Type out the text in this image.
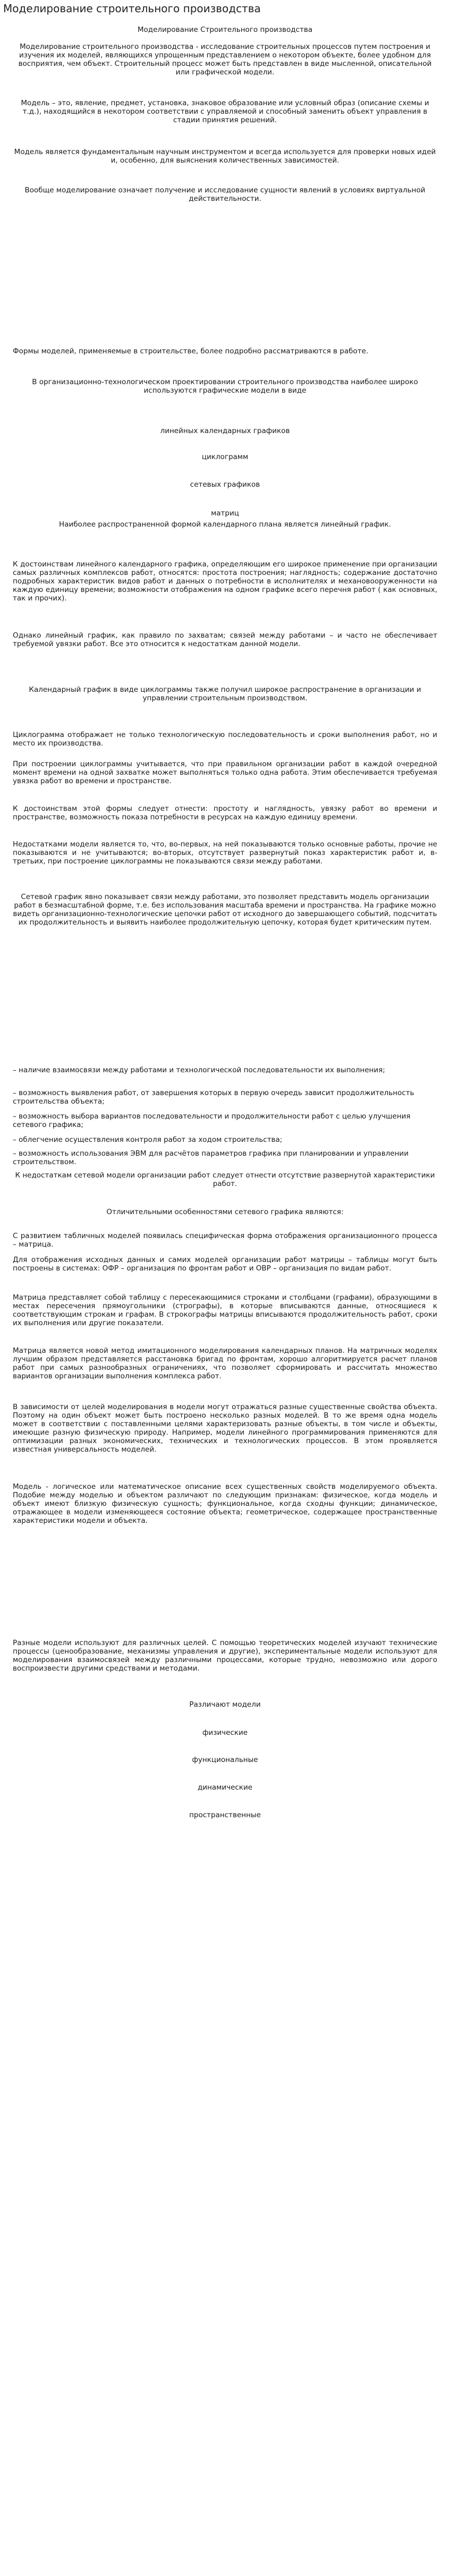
Моделирование строительного производства

Моделирование Строительного производства

Моделирование строительного производства - исследование строительных процессов путем построения и изучения их моделей, являющихся упрощенным представлением о некотором объекте, более удобном для восприятия, чем объект. Строительный процесс может быть представлен в виде мысленной, описательной или графической модели.

Модель – это, явление, предмет, установка, знаковое образование или условный образ (описание схемы и т.д.), находящийся в некотором соответствии с управляемой и способный заменить объект управления в стадии принятия решений.

Модель является фундаментальным научным инструментом и всегда используется для проверки новых идей и, особенно, для выяснения количественных зависимостей.

Вообще моделирование означает получение и исследование сущности явлений в условиях виртуальной действительности.

Формы моделей, применяемые в строительстве, более подробно рассматриваются в работе.

В организационно-технологическом проектировании строительного производства наиболее широко используются графические модели в виде

линейных календарных графиков

циклограмм

сетевых графиков

матриц

Наиболее распространенной формой календарного плана является линейный график.

К достоинствам линейного календарного графика, определяющим его широкое применение при организации самых различных комплексов работ, относятся: простота построения; наглядность; содержание достаточно подробных характеристик видов работ и данных о потребности в исполнителях и механовооруженности на каждую единицу времени; возможности отображения на одном графике всего перечня работ ( как основных, так и прочих).

Однако линейный график, как правило по захватам; связей между работами – и часто не обеспечивает требуемой увязки работ. Все это относится к недостаткам данной модели.

Календарный график в виде циклограммы также получил широкое распространение в организации и управлении строительным производством.

Циклограмма отображает не только технологическую последовательность и сроки выполнения работ, но и место их производства.

При построении циклограммы учитывается, что при правильном организации работ в каждой очередной момент времени на одной захватке может выполняться только одна работа. Этим обеспечивается требуемая увязка работ во времени и пространстве.

К достоинствам этой формы следует отнести: простоту и наглядность, увязку работ во времени и пространстве, возможность показа потребности в ресурсах на каждую единицу времени.

Недостатками модели является то, что, во-первых, на ней показываются только основные работы, прочие не показываются и не учитываются; во-вторых, отсутствует развернутый показ характеристик работ и, в-третьих, при построение циклограммы не показываются связи между работами.

Сетевой график явно показывает связи между работами, это позволяет представить модель организации работ в безмасштабной форме, т.е. без использования масштаба времени и пространства. На графике можно видеть организационно-технологические цепочки работ от исходного до завершающего событий, подсчитать их продолжительность и выявить наиболее продолжительную цепочку, которая будет критическим путем.

– наличие взаимосвязи между работами и технологической последовательности их выполнения;

– возможность выявления работ, от завершения которых в первую очередь зависит продолжительность строительства объекта;

– возможность выбора вариантов последовательности и продолжительности работ с целью улучшения сетевого графика;

– облегчение осуществления контроля работ за ходом строительства;

– возможность использования ЭВМ для расчётов параметров графика при планировании и управлении строительством.

К недостаткам сетевой модели организации работ следует отнести отсутствие развернутой характеристики работ.

Отличительными особенностями сетевого графика являются:

С развитием табличных моделей появилась специфическая форма отображения организационного процесса – матрица.

Для отображения исходных данных и самих моделей организации работ матрицы – таблицы могут быть построены в системах: ОФР – организация по фронтам работ и ОВР – организация по видам работ.

Матрица представляет собой таблицу с пересекающимися строками и столбцами (графами), образующими в местах пересечения прямоугольники (стрографы), в которые вписываются данные, относящиеся к соответствующим строкам и графам. В строкографы матрицы вписываются продолжительность работ, сроки их выполнения или другие показатели.

Матрица является новой метод имитационного моделирования календарных планов. На матричных моделях лучшим образом представляется расстановка бригад по фронтам, хорошо алгоритмируется расчет планов работ при самых разнообразных ограничениях, что позволяет сформировать и рассчитать множество вариантов организации выполнения комплекса работ.

В зависимости от целей моделирования в модели могут отражаться разные существенные свойства объекта. Поэтому на один объект может быть построено несколько разных моделей. В то же время одна модель может в соответствии с поставленными целями характеризовать разные объекты, в том числе и объекты, имеющие разную физическую природу. Например, модели линейного программирования применяются для оптимизации разных экономических, технических и технологических процессов. В этом проявляется известная универсальность моделей.

Модель - логическое или математическое описание всех существенных свойств моделируемого объекта. Подобие между моделью и объектом различают по следующим признакам: физическое, когда модель и объект имеют близкую физическую сущность; функциональное, когда сходны функции; динамическое, отражающее в модели изменяющееся состояние объекта; геометрическое, содержащее пространственные характеристики модели и объекта.

Разные модели используют для различных целей. С помощью теоретических моделей изучают технические процессы (ценообразование, механизмы управления и другие), экспериментальные модели используют для моделирования взаимосвязей между различными процессами, которые трудно, невозможно или дорого воспроизвести другими средствами и методами.

Различают модели

физические

функциональные

динамические

пространственные
